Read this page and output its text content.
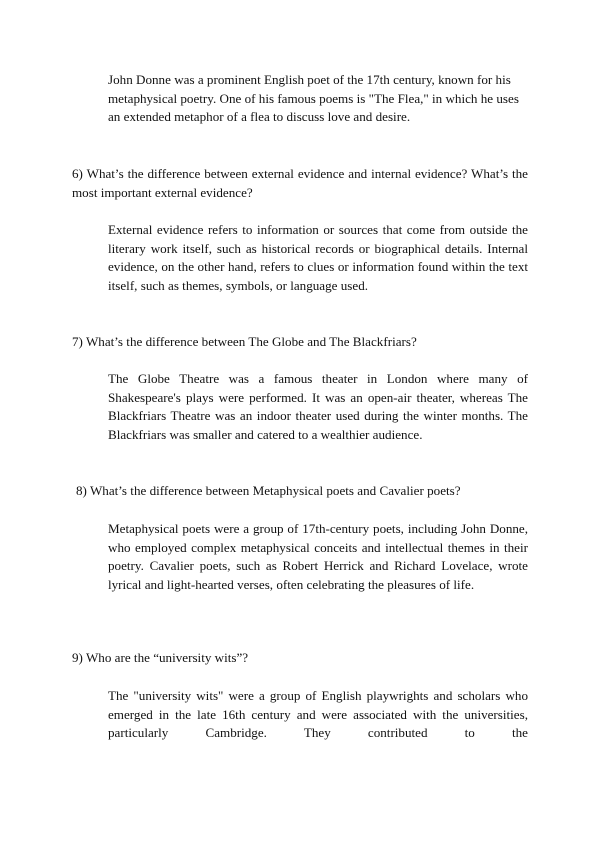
John Donne was a prominent English poet of the 17th century, known for his metaphysical poetry. One of his famous poems is "The Flea," in which he uses an extended metaphor of a flea to discuss love and desire.

6) What’s the difference between external evidence and internal evidence? What’s the most important external evidence?

External evidence refers to information or sources that come from outside the literary work itself, such as historical records or biographical details. Internal evidence, on the other hand, refers to clues or information found within the text itself, such as themes, symbols, or language used.

7) What’s the difference between The Globe and The Blackfriars?

The Globe Theatre was a famous theater in London where many of Shakespeare's plays were performed. It was an open-air theater, whereas The Blackfriars Theatre was an indoor theater used during the winter months. The Blackfriars was smaller and catered to a wealthier audience.

8) What’s the difference between Metaphysical poets and Cavalier poets?

Metaphysical poets were a group of 17th-century poets, including John Donne, who employed complex metaphysical conceits and intellectual themes in their poetry. Cavalier poets, such as Robert Herrick and Richard Lovelace, wrote lyrical and light-hearted verses, often celebrating the pleasures of life.

9) Who are the “university wits”?

The "university wits" were a group of English playwrights and scholars who emerged in the late 16th century and were associated with the universities, particularly Cambridge. They contributed to the
